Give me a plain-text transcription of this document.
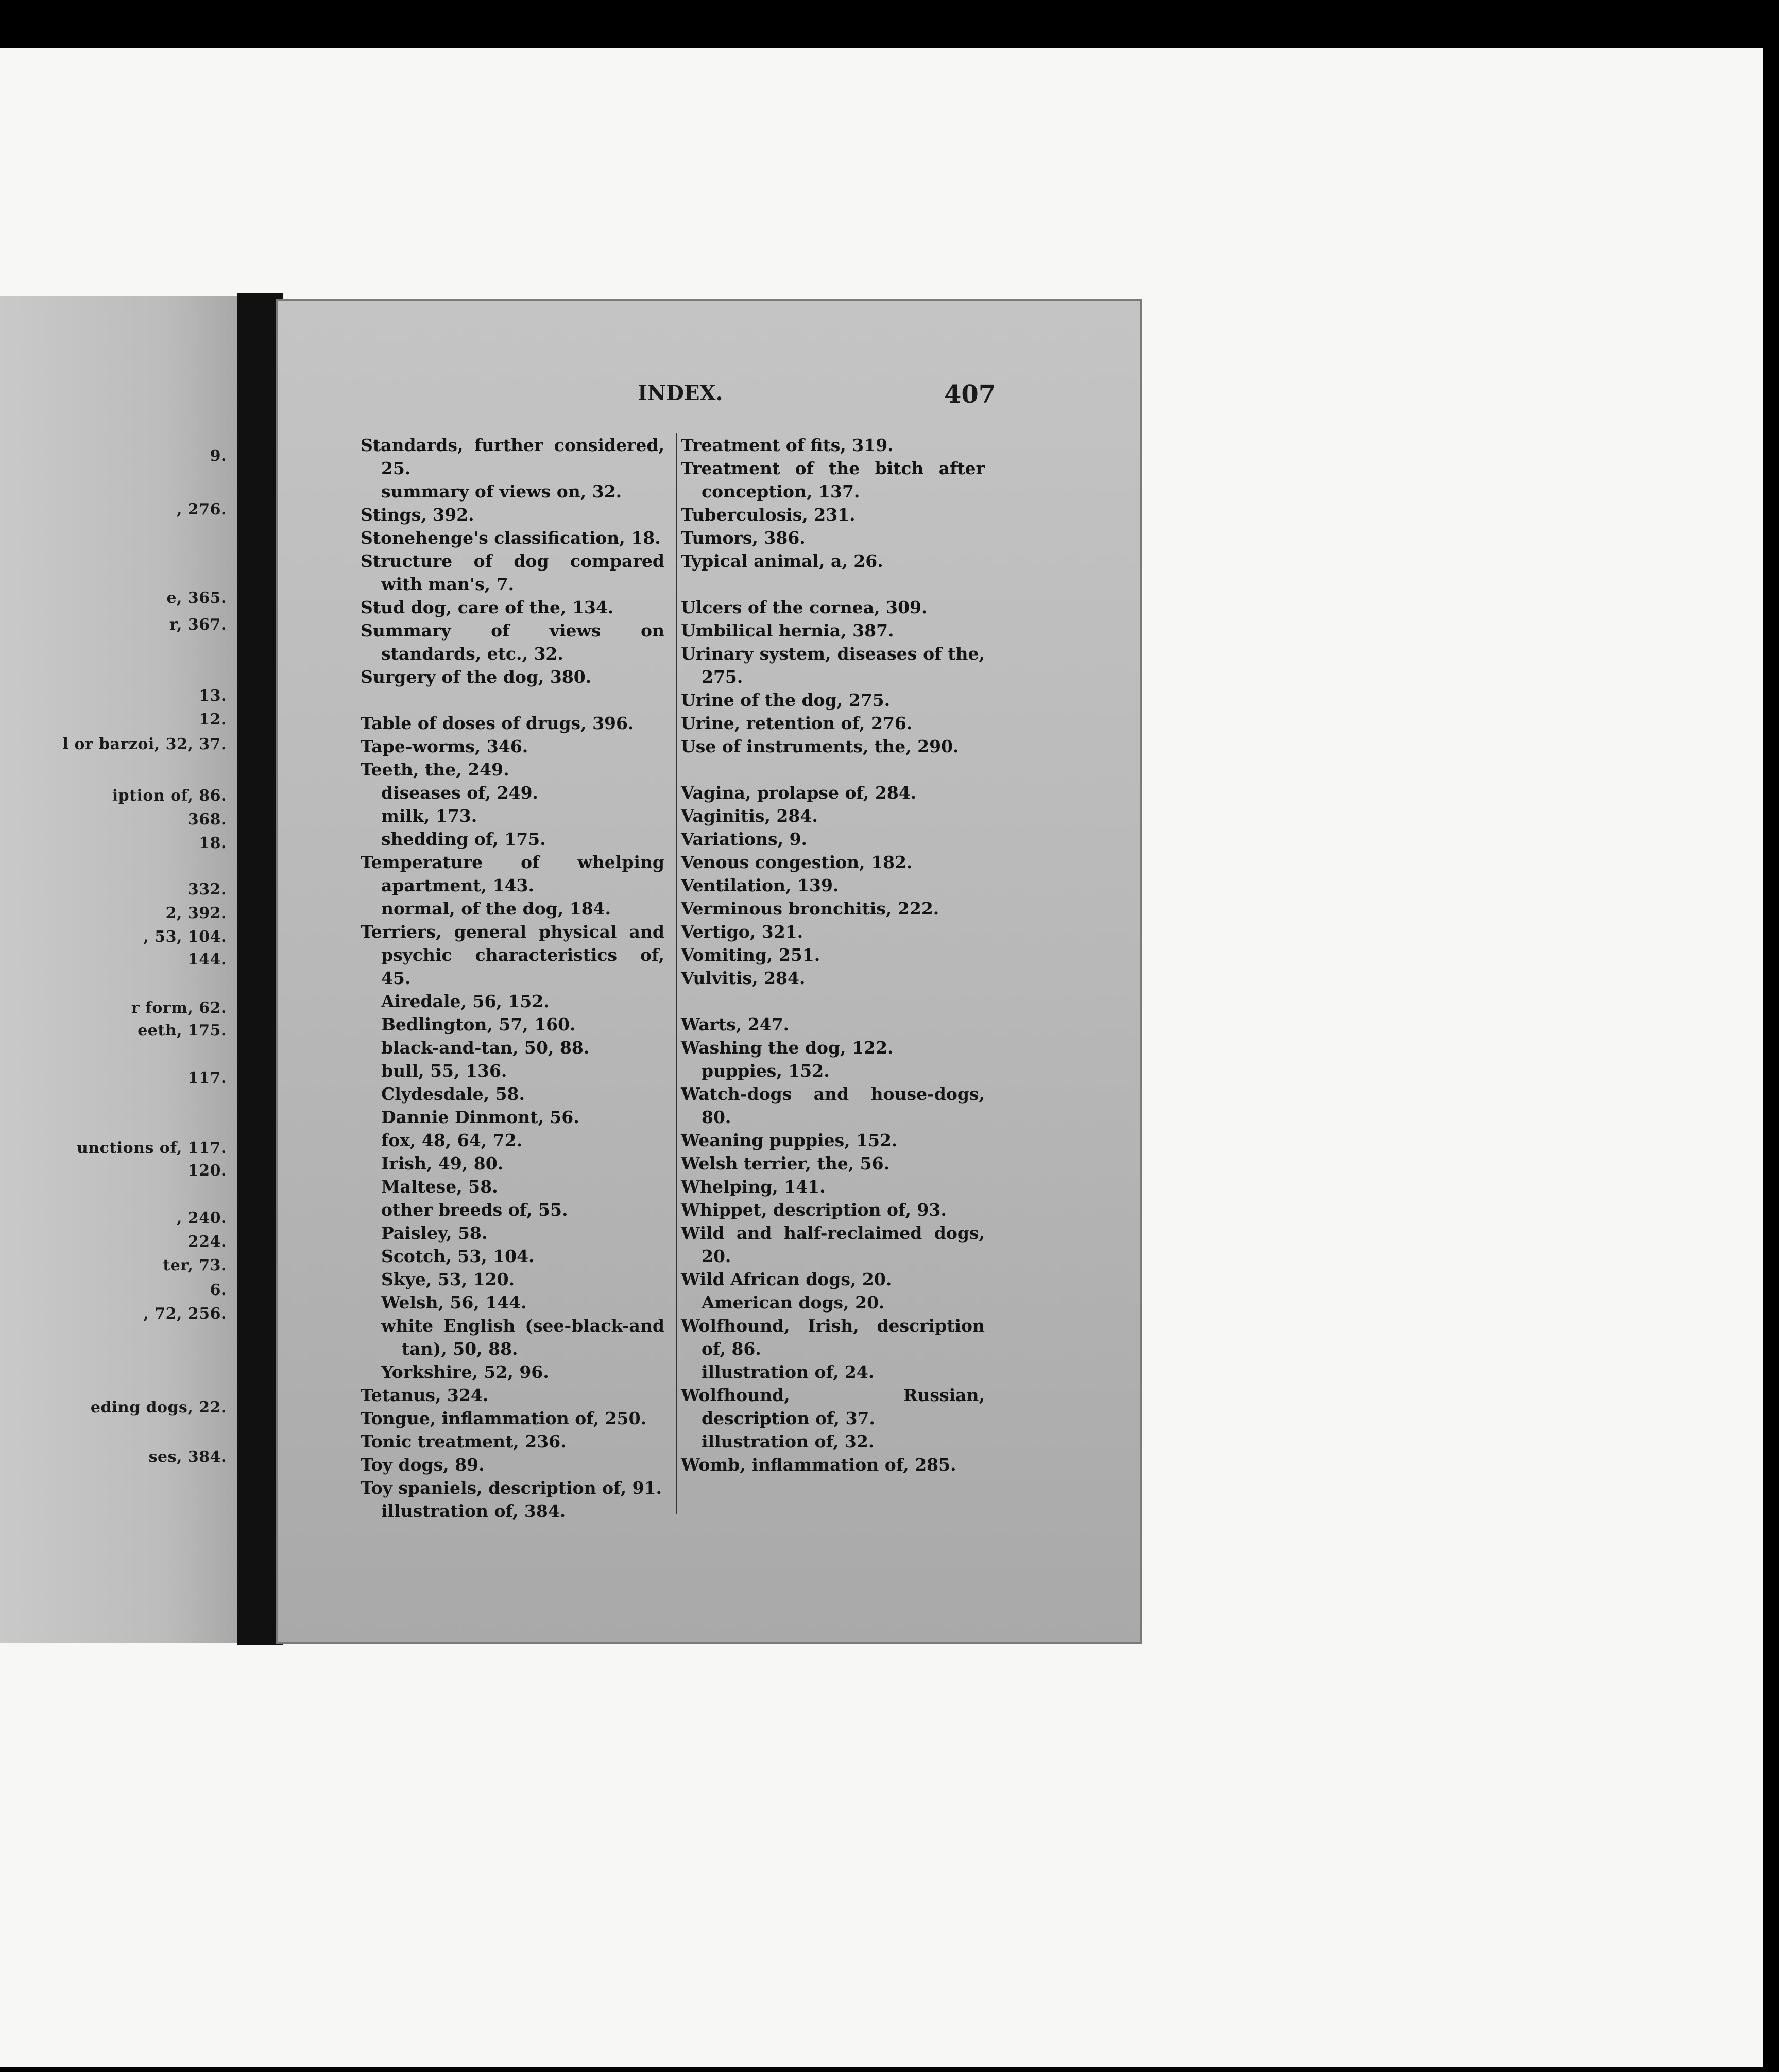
9.
, 276.
e, 365.
r, 367.
13.
12.
l or barzoi, 32, 37.
iption of, 86.
368.
18.
332.
2, 392.
, 53, 104.
144.
r form, 62.
eeth, 175.
117.
unctions of, 117.
120.
, 240.
224.
ter, 73.
6.
, 72, 256.
eding dogs, 22.
ses, 384.
INDEX.	407
Standards, further considered, 25.
summary of views on, 32.
Stings, 392.
Stonehenge's classification, 18.
Structure of dog compared with man's, 7.
Stud dog, care of the, 134.
Summary of views on standards, etc., 32.
Surgery of the dog, 380.
Table of doses of drugs, 396.
Tape-worms, 346.
Teeth, the, 249.
diseases of, 249.
milk, 173.
shedding of, 175.
Temperature of whelping apartment, 143.
normal, of the dog, 184.
Terriers, general physical and psychic characteristics of, 45.
Airedale, 56, 152.
Bedlington, 57, 160.
black-and-tan, 50, 88.
bull, 55, 136.
Clydesdale, 58.
Dannie Dinmont, 56.
fox, 48, 64, 72.
Irish, 49, 80.
Maltese, 58.
other breeds of, 55.
Paisley, 58.
Scotch, 53, 104.
Skye, 53, 120.
Welsh, 56, 144.
white English (see-black-and tan), 50, 88.
Yorkshire, 52, 96.
Tetanus, 324.
Tongue, inflammation of, 250.
Tonic treatment, 236.
Toy dogs, 89.
Toy spaniels, description of, 91.
illustration of, 384.
Treatment of fits, 319.
Treatment of the bitch after conception, 137.
Tuberculosis, 231.
Tumors, 386.
Typical animal, a, 26.
Ulcers of the cornea, 309.
Umbilical hernia, 387.
Urinary system, diseases of the, 275.
Urine of the dog, 275.
Urine, retention of, 276.
Use of instruments, the, 290.
Vagina, prolapse of, 284.
Vaginitis, 284.
Variations, 9.
Venous congestion, 182.
Ventilation, 139.
Verminous bronchitis, 222.
Vertigo, 321.
Vomiting, 251.
Vulvitis, 284.
Warts, 247.
Washing the dog, 122.
puppies, 152.
Watch-dogs and house-dogs, 80.
Weaning puppies, 152.
Welsh terrier, the, 56.
Whelping, 141.
Whippet, description of, 93.
Wild and half-reclaimed dogs, 20.
Wild African dogs, 20.
American dogs, 20.
Wolfhound, Irish, description of, 86.
illustration of, 24.
Wolfhound, Russian, description of, 37.
illustration of, 32.
Womb, inflammation of, 285.
